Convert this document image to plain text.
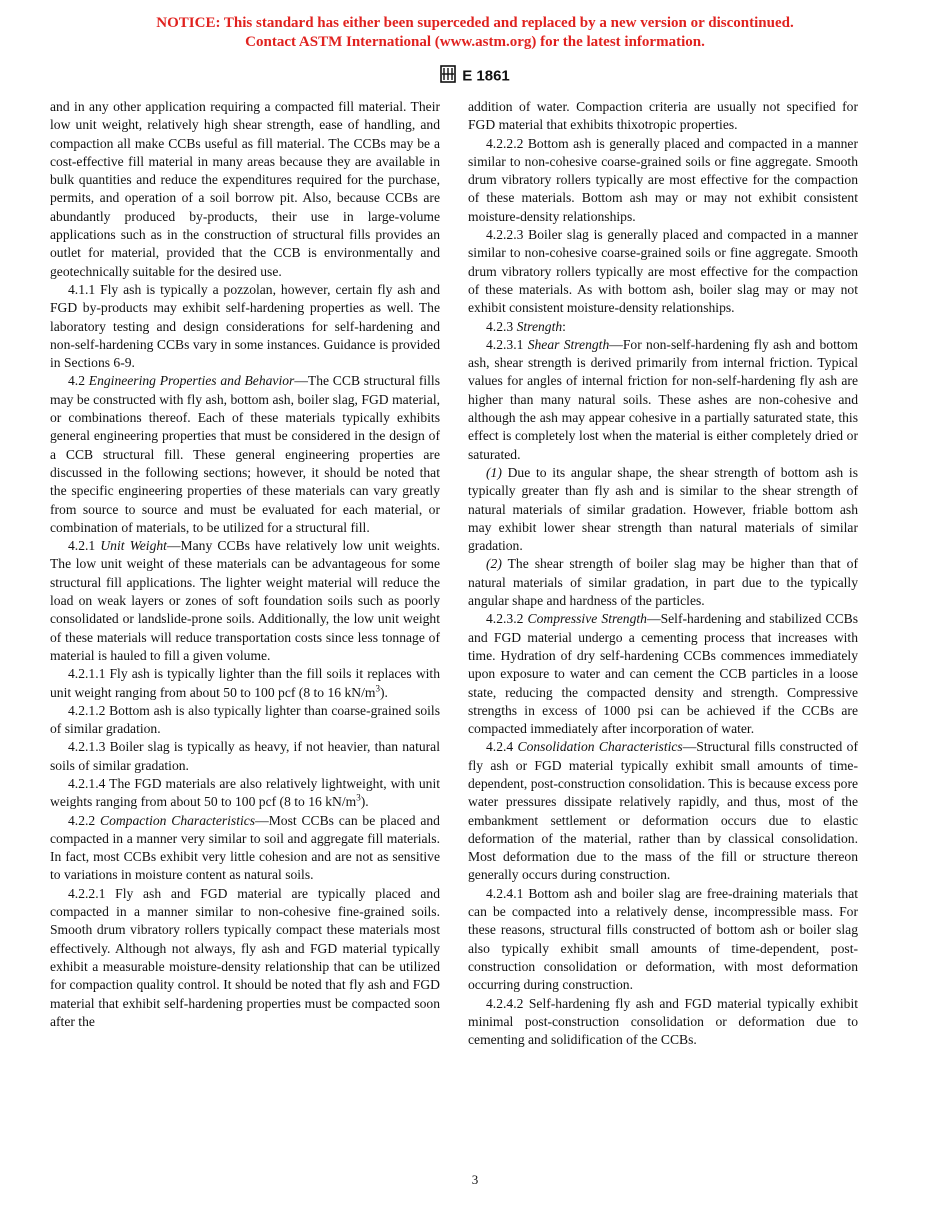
NOTICE: This standard has either been superceded and replaced by a new version or discontinued.
Contact ASTM International (www.astm.org) for the latest information.
E 1861

and in any other application requiring a compacted fill material. Their low unit weight, relatively high shear strength, ease of handling, and compaction all make CCBs useful as fill material. The CCBs may be a cost-effective fill material in many areas because they are available in bulk quantities and reduce the expenditures required for the purchase, permits, and operation of a soil borrow pit. Also, because CCBs are abundantly produced by-products, their use in large-volume applications such as in the construction of structural fills provides an outlet for material, provided that the CCB is environmentally and geotechnically suitable for the desired use.

4.1.1 Fly ash is typically a pozzolan, however, certain fly ash and FGD by-products may exhibit self-hardening properties as well. The laboratory testing and design considerations for self-hardening and non-self-hardening CCBs vary in some instances. Guidance is provided in Sections 6-9.

4.2 Engineering Properties and Behavior—The CCB structural fills may be constructed with fly ash, bottom ash, boiler slag, FGD material, or combinations thereof. Each of these materials typically exhibits general engineering properties that must be considered in the design of a CCB structural fill. These general engineering properties are discussed in the following sections; however, it should be noted that the specific engineering properties of these materials can vary greatly from source to source and must be evaluated for each material, or combination of materials, to be utilized for a structural fill.

4.2.1 Unit Weight—Many CCBs have relatively low unit weights. The low unit weight of these materials can be advantageous for some structural fill applications. The lighter weight material will reduce the load on weak layers or zones of soft foundation soils such as poorly consolidated or landslide-prone soils. Additionally, the low unit weight of these materials will reduce transportation costs since less tonnage of material is hauled to fill a given volume.

4.2.1.1 Fly ash is typically lighter than the fill soils it replaces with unit weight ranging from about 50 to 100 pcf (8 to 16 $kN/m^3$).

4.2.1.2 Bottom ash is also typically lighter than coarse-grained soils of similar gradation.

4.2.1.3 Boiler slag is typically as heavy, if not heavier, than natural soils of similar gradation.

4.2.1.4 The FGD materials are also relatively lightweight, with unit weights ranging from about 50 to 100 pcf (8 to 16 $kN/m^3$).

4.2.2 Compaction Characteristics—Most CCBs can be placed and compacted in a manner very similar to soil and aggregate fill materials. In fact, most CCBs exhibit very little cohesion and are not as sensitive to variations in moisture content as natural soils.

4.2.2.1 Fly ash and FGD material are typically placed and compacted in a manner similar to non-cohesive fine-grained soils. Smooth drum vibratory rollers typically compact these materials most effectively. Although not always, fly ash and FGD material typically exhibit a measurable moisture-density relationship that can be utilized for compaction quality control. It should be noted that fly ash and FGD material that exhibit self-hardening properties must be compacted soon after the

addition of water. Compaction criteria are usually not specified for FGD material that exhibits thixotropic properties.

4.2.2.2 Bottom ash is generally placed and compacted in a manner similar to non-cohesive coarse-grained soils or fine aggregate. Smooth drum vibratory rollers typically are most effective for the compaction of these materials. Bottom ash may or may not exhibit consistent moisture-density relationships.

4.2.2.3 Boiler slag is generally placed and compacted in a manner similar to non-cohesive coarse-grained soils or fine aggregate. Smooth drum vibratory rollers typically are most effective for the compaction of these materials. As with bottom ash, boiler slag may or may not exhibit consistent moisture-density relationships.

4.2.3 Strength:

4.2.3.1 Shear Strength—For non-self-hardening fly ash and bottom ash, shear strength is derived primarily from internal friction. Typical values for angles of internal friction for non-self-hardening fly ash are higher than many natural soils. These ashes are non-cohesive and although the ash may appear cohesive in a partially saturated state, this effect is completely lost when the material is either completely dried or saturated.

(1) Due to its angular shape, the shear strength of bottom ash is typically greater than fly ash and is similar to the shear strength of natural materials of similar gradation. However, friable bottom ash may exhibit lower shear strength than natural materials of similar gradation.

(2) The shear strength of boiler slag may be higher than that of natural materials of similar gradation, in part due to the typically angular shape and hardness of the particles.

4.2.3.2 Compressive Strength—Self-hardening and stabilized CCBs and FGD material undergo a cementing process that increases with time. Hydration of dry self-hardening CCBs commences immediately upon exposure to water and can cement the CCB particles in a loose state, reducing the compacted density and strength. Compressive strengths in excess of 1000 psi can be achieved if the CCBs are compacted immediately after incorporation of water.

4.2.4 Consolidation Characteristics—Structural fills constructed of fly ash or FGD material typically exhibit small amounts of time-dependent, post-construction consolidation. This is because excess pore water pressures dissipate relatively rapidly, and thus, most of the embankment settlement or deformation occurs due to elastic deformation of the material, rather than by classical consolidation. Most deformation due to the mass of the fill or structure thereon generally occurs during construction.

4.2.4.1 Bottom ash and boiler slag are free-draining materials that can be compacted into a relatively dense, incompressible mass. For these reasons, structural fills constructed of bottom ash or boiler slag also typically exhibit small amounts of time-dependent, post-construction consolidation or deformation, with most deformation occurring during construction.

4.2.4.2 Self-hardening fly ash and FGD material typically exhibit minimal post-construction consolidation or deformation due to cementing and solidification of the CCBs.

3
